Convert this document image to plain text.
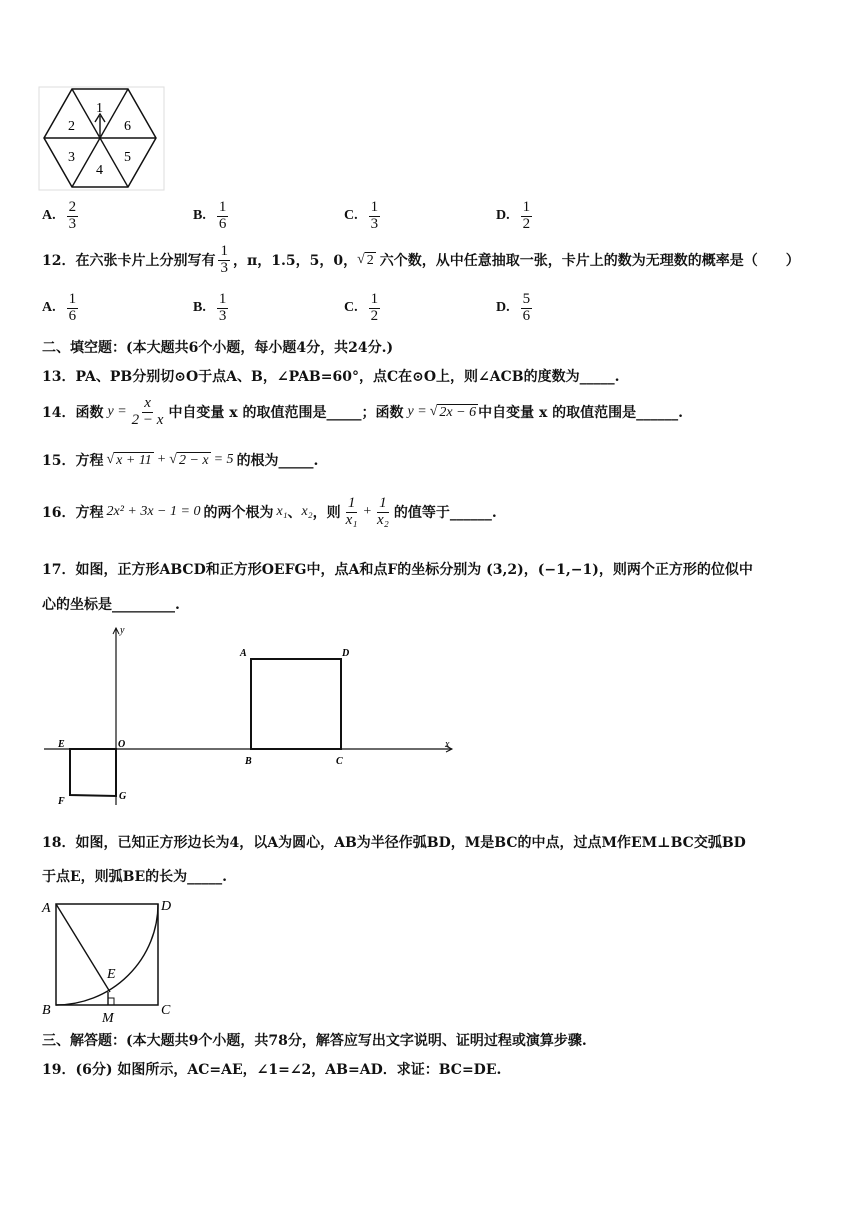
1
6
5
4
3
2
A. $\frac{2}{3}$	B. $\frac{1}{6}$	C. $\frac{1}{3}$	D. $\frac{1}{2}$
12．在六张卡片上分别写有 $\frac{1}{3}$ ，π，1.5，5，0， √ 2 六个数，从中任意抽取一张，卡片上的数为无理数的概率是（　　）
A. $\frac{1}{6}$	B. $\frac{1}{3}$	C. $\frac{1}{2}$	D. $\frac{5}{6}$
二、填空题：(本大题共6个小题，每小题4分，共24分.)
13．PA、PB分别切⊙O于点A、B，∠PAB=60°，点C在⊙O上，则∠ACB的度数为_____.
14．函数 $y = \frac{x}{2 - x}$ 中自变量 x 的取值范围是_____；函数 y = √ 2x − 6 中自变量 x 的取值范围是______.
15．方程 √ x + 11 + √ 2 − x = 5 的根为_____.
16．方程 2x² + 3x − 1 = 0 的两个根为 x₁ 、 x₂ ，则 $\frac{1}{\text{x₁}} + \frac{1}{\text{x₂}}$ 的值等于______.
17．如图，正方形ABCD和正方形OEFG中，点A和点F的坐标分别为 (3,2)，(−1,−1)，则两个正方形的位似中
心的坐标是_________.
y
x
O
A	D
B	C
E
F	G
18．如图，已知正方形边长为4，以A为圆心，AB为半径作弧BD，M是BC的中点，过点M作EM⊥BC交弧BD
于点E，则弧BE的长为_____.
A	D
B	C
E
M
三、解答题：(本大题共9个小题，共78分，解答应写出文字说明、证明过程或演算步骤.
19．(6分) 如图所示，AC=AE，∠1=∠2，AB=AD．求证：BC=DE.
